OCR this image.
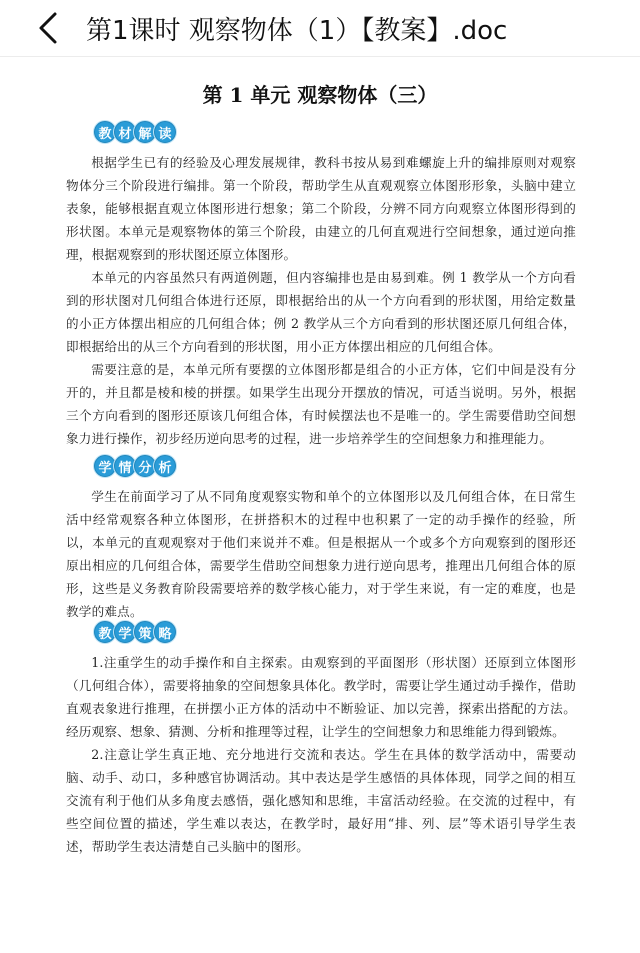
第1课时 观察物体（1）【教案】.doc
第 1 单元 观察物体（三）
教 材 解 读

根据学生已有的经验及心理发展规律，教科书按从易到难螺旋上升的编排原则对观察物体分三个阶段进行编排。第一个阶段，帮助学生从直观观察立体图形形象，头脑中建立表象，能够根据直观立体图形进行想象；第二个阶段，分辨不同方向观察立体图形得到的形状图。本单元是观察物体的第三个阶段，由建立的几何直观进行空间想象，通过逆向推理，根据观察到的形状图还原立体图形。

本单元的内容虽然只有两道例题，但内容编排也是由易到难。例 1 教学从一个方向看到的形状图对几何组合体进行还原，即根据给出的从一个方向看到的形状图，用给定数量的小正方体摆出相应的几何组合体；例 2 教学从三个方向看到的形状图还原几何组合体，即根据给出的从三个方向看到的形状图，用小正方体摆出相应的几何组合体。

需要注意的是，本单元所有要摆的立体图形都是组合的小正方体，它们中间是没有分开的，并且都是棱和棱的拼摆。如果学生出现分开摆放的情况，可适当说明。另外，根据三个方向看到的图形还原该几何组合体，有时候摆法也不是唯一的。学生需要借助空间想象力进行操作，初步经历逆向思考的过程，进一步培养学生的空间想象力和推理能力。

学 情 分 析

学生在前面学习了从不同角度观察实物和单个的立体图形以及几何组合体，在日常生活中经常观察各种立体图形，在拼搭积木的过程中也积累了一定的动手操作的经验，所以，本单元的直观观察对于他们来说并不难。但是根据从一个或多个方向观察到的图形还原出相应的几何组合体，需要学生借助空间想象力进行逆向思考，推理出几何组合体的原形，这些是义务教育阶段需要培养的数学核心能力，对于学生来说，有一定的难度，也是教学的难点。

教 学 策 略

1.注重学生的动手操作和自主探索。由观察到的平面图形（形状图）还原到立体图形（几何组合体），需要将抽象的空间想象具体化。教学时，需要让学生通过动手操作，借助直观表象进行推理，在拼摆小正方体的活动中不断验证、加以完善，探索出搭配的方法。经历观察、想象、猜测、分析和推理等过程，让学生的空间想象力和思维能力得到锻炼。

2.注意让学生真正地、充分地进行交流和表达。学生在具体的数学活动中，需要动脑、动手、动口，多种感官协调活动。其中表达是学生感悟的具体体现，同学之间的相互交流有利于他们从多角度去感悟，强化感知和思维，丰富活动经验。在交流的过程中，有些空间位置的描述，学生难以表达，在教学时，最好用“排、列、层”等术语引导学生表述，帮助学生表达清楚自己头脑中的图形。
